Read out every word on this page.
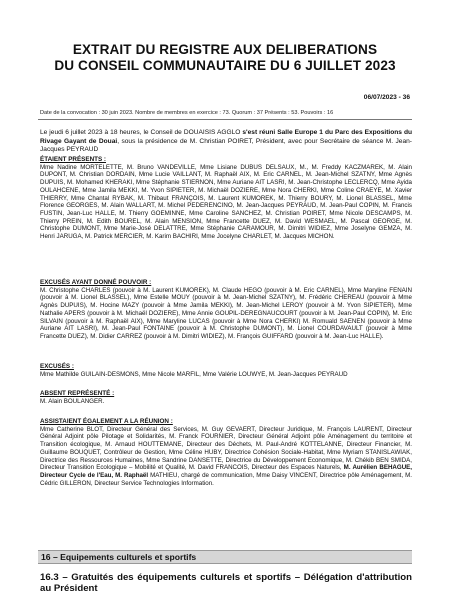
EXTRAIT DU REGISTRE AUX DELIBERATIONS
DU CONSEIL COMMUNAUTAIRE DU 6 JUILLET 2023
06/07/2023 - 36
Date de la convocation : 30 juin 2023. Nombre de membres en exercice : 73. Quorum : 37 Présents : 53. Pouvoirs : 16
Le jeudi 6 juillet 2023 à 18 heures, le Conseil de DOUAISIS AGGLO s'est réuni Salle Europe 1 du Parc des Expositions du Rivage Gayant de Douai, sous la présidence de M. Christian POIRET, Président, avec pour Secrétaire de séance M. Jean-Jacques PEYRAUD

ÉTAIENT PRÉSENTS :

Mme Nadine MORTELETTE, M. Bruno VANDEVILLE, Mme Lisiane DUBUS DELSAUX, M., M. Freddy KACZMAREK, M. Alain DUPONT, M. Christian DORDAIN, Mme Lucie VAILLANT, M. Raphaël AIX, M. Eric CARNEL, M. Jean-Michel SZATNY, Mme Agnès DUPUIS, M. Mohamed KHERAKI, Mme Stéphanie STIERNON, Mme Auriane AIT LASRI, M. Jean-Christophe LECLERCQ, Mme Ayida OULAHCENE, Mme Jamila MEKKI, M. Yvon SIPIETER, M. Michaël DOZIERE, Mme Nora CHERKI, Mme Coline CRAEYE, M. Xavier THIERRY, Mme Chantal RYBAK, M. Thibaut FRANÇOIS, M. Laurent KUMOREK, M. Thierry BOURY, M. Lionel BLASSEL, Mme Florence GEORGES, M. Alain WALLART, M. Michel PEDERENCINO, M. Jean-Jacques PEYRAUD, M. Jean-Paul COPIN, M. Francis FUSTIN, Jean-Luc HALLE, M. Thierry GOEMINNE, Mme Caroline SANCHEZ, M. Christian POIRET, Mme Nicole DESCAMPS, M. Thierry PREIN, M. Edith BOUREL, M. Alain MENSION, Mme Francette DUEZ, M. David WESMAEL, M. Pascal GEORGE, M. Christophe DUMONT, Mme Marie-José DELATTRE, Mme Stéphanie CARAMOUR, M. Dimitri WIDIEZ, Mme Joselyne GEMZA, M. Henri JARUGA, M. Patrick MERCIER, M. Karim BACHIRI, Mme Jocelyne CHARLET, M. Jacques MICHON.

EXCUSÉS AYANT DONNÉ POUVOIR :

M. Christophe CHARLES (pouvoir à M. Laurent KUMOREK), M. Claude HEGO (pouvoir à M. Eric CARNEL), Mme Maryline FENAIN (pouvoir à M. Lionel BLASSEL), Mme Estelle MOUY (pouvoir à M. Jean-Michel SZATNY), M. Frédéric CHEREAU (pouvoir à Mme Agnès DUPUIS), M. Hocine MAZY (pouvoir à Mme Jamila MEKKI), M. Jean-Michel LEROY (pouvoir à M. Yvon SIPIETER), Mme Nathalie APERS (pouvoir à M. Michaël DOZIERE), Mme Annie GOUPIL-DEREGNAUCOURT (pouvoir à M. Jean-Paul COPIN), M. Eric SILVAIN (pouvoir à M. Raphaël AIX), Mme Maryline LUCAS (pouvoir à Mme Nora CHERKI) M. Romuald SAENEN (pouvoir à Mme Auriane AIT LASRI), M. Jean-Paul FONTAINE (pouvoir à M. Christophe DUMONT), M. Lionel COURDAVAULT (pouvoir à Mme Francette DUEZ), M. Didier CARREZ (pouvoir à M. Dimitri WIDIEZ), M. François GUIFFARD (pouvoir à M. Jean-Luc HALLE).

EXCUSÉS :

Mme Mathilde GUILAIN-DESMONS, Mme Nicole MARFIL, Mme Valérie LOUWYE, M. Jean-Jacques PEYRAUD

ABSENT REPRÉSENTÉ :

M. Alain BOULANGER.

ASSISTAIENT ÉGALEMENT A LA RÉUNION :

Mme Catherine BLOT, Directeur Général des Services, M. Guy GEVAERT, Directeur Juridique, M. François LAURENT, Directeur Général Adjoint pôle Pilotage et Solidarités, M. Franck FOURNIER, Directeur Général Adjoint pôle Aménagement du territoire et Transition écologique, M. Arnaud HOUTTEMANE, Directeur des Déchets, M. Paul-André KOTTELANNE, Directeur Financier, M. Guillaume BOUQUET, Contrôleur de Gestion, Mme Céline HUBY, Directrice Cohésion Sociale-Habitat, Mme Myriam STANISLAWIAK, Directrice des Ressources Humaines, Mme Sandrine DANSETTE, Directrice du Développement Economique, M. Chékib BEN SMIDA, Directeur Transition Ecologique – Mobilité et Qualité, M. David FRANCOIS, Directeur des Espaces Naturels, M. Aurélien BEHAGUE, Directeur Cycle de l'Eau, M. Raphaël MATHIEU, chargé de communication, Mme Daisy VINCENT, Directrice pôle Aménagement, M. Cédric GILLERON, Directeur Service Technologies Information.

16 – Equipements culturels et sportifs
16.3 – Gratuités des équipements culturels et sportifs – Délégation d'attribution au Président
